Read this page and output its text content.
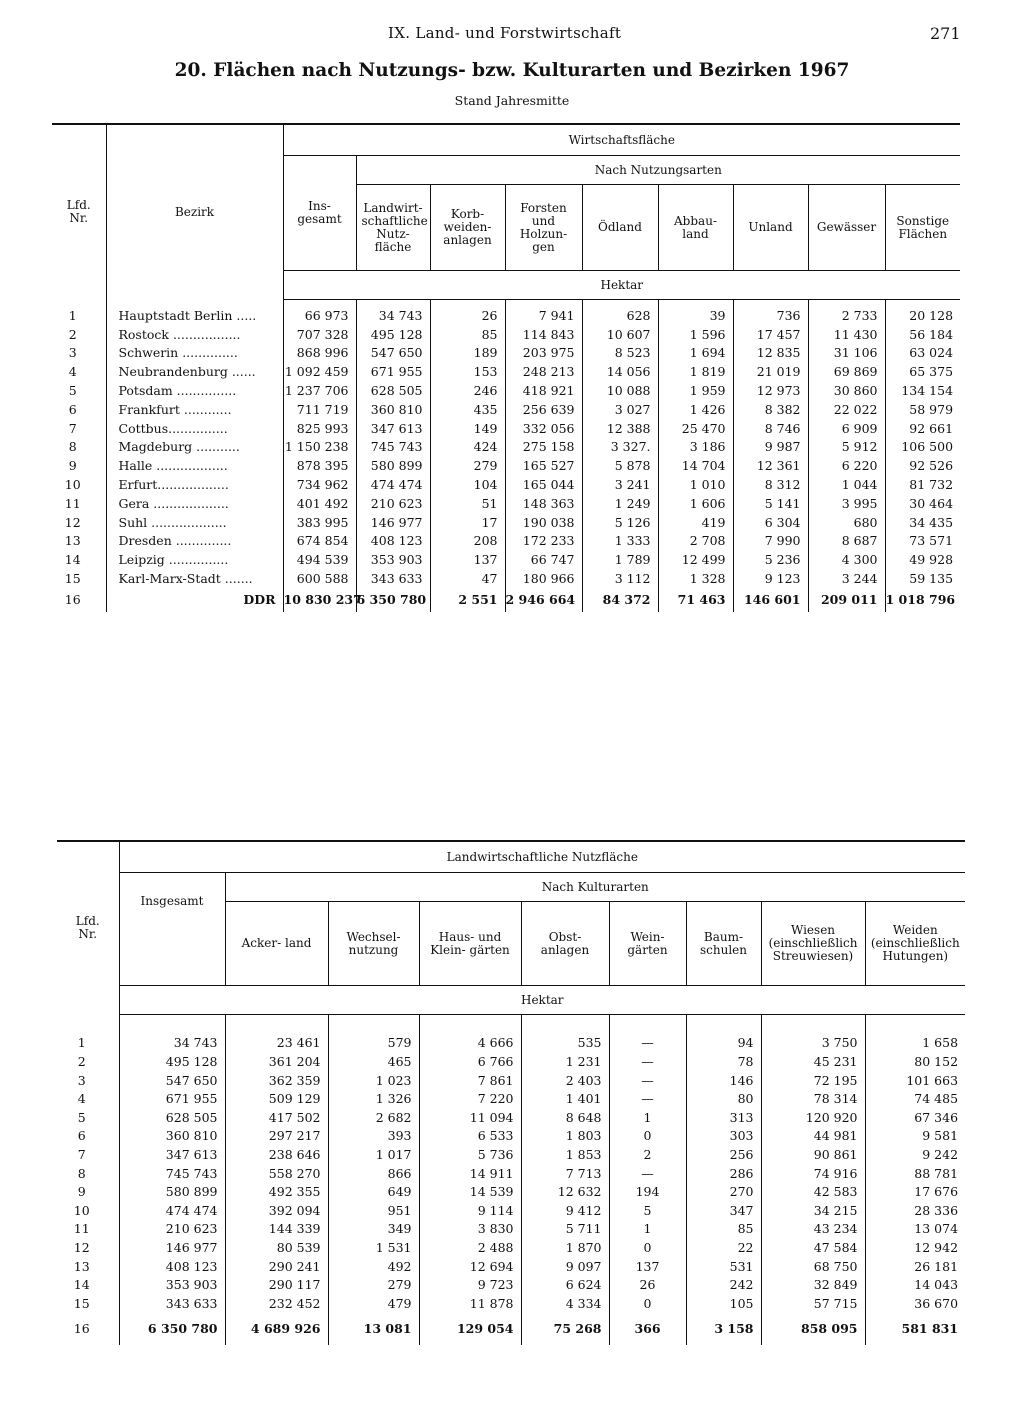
IX. Land- und Forstwirtschaft	271
20. Flächen nach Nutzungs- bzw. Kulturarten und Bezirken 1967
Stand Jahresmitte
Lfd. Nr.	Bezirk	Wirtschaftsfläche								
		Ins- gesamt	Nach Nutzungsarten							
			Landwirt- schaftliche Nutz- fläche	Korb- weiden- anlagen	Forsten und Holzun- gen	Ödland	Abbau- land	Unland	Gewässer	Sonstige Flächen
		Hektar								

1	Hauptstadt Berlin .....	66 973	34 743	26	7 941	628	39	736	2 733	20 128
2	Rostock .................	707 328	495 128	85	114 843	10 607	1 596	17 457	11 430	56 184
3	Schwerin ..............	868 996	547 650	189	203 975	8 523	1 694	12 835	31 106	63 024
4	Neubrandenburg ......	1 092 459	671 955	153	248 213	14 056	1 819	21 019	69 869	65 375
5	Potsdam ...............	1 237 706	628 505	246	418 921	10 088	1 959	12 973	30 860	134 154
6	Frankfurt ............	711 719	360 810	435	256 639	3 027	1 426	8 382	22 022	58 979
7	Cottbus...............	825 993	347 613	149	332 056	12 388	25 470	8 746	6 909	92 661
8	Magdeburg ...........	1 150 238	745 743	424	275 158	3 327.	3 186	9 987	5 912	106 500
9	Halle ..................	878 395	580 899	279	165 527	5 878	14 704	12 361	6 220	92 526
10	Erfurt..................	734 962	474 474	104	165 044	3 241	1 010	8 312	1 044	81 732
11	Gera ...................	401 492	210 623	51	148 363	1 249	1 606	5 141	3 995	30 464
12	Suhl ...................	383 995	146 977	17	190 038	5 126	419	6 304	680	34 435
13	Dresden ..............	674 854	408 123	208	172 233	1 333	2 708	7 990	8 687	73 571
14	Leipzig ...............	494 539	353 903	137	66 747	1 789	12 499	5 236	4 300	49 928
15	Karl-Marx-Stadt .......	600 588	343 633	47	180 966	3 112	1 328	9 123	3 244	59 135
16	DDR	10 830 237	6 350 780	2 551	2 946 664	84 372	71 463	146 601	209 011	1 018 796
Lfd. Nr.	Landwirtschaftliche Nutzfläche								
	Insgesamt	Nach Kulturarten							
		Acker- land	Wechsel- nutzung	Haus- und Klein- gärten	Obst- anlagen	Wein- gärten	Baum- schulen	Wiesen (einschließlich Streuwiesen)	Weiden (einschließlich Hutungen)
	Hektar								

1	34 743	23 461	579	4 666	535	—	94	3 750	1 658
2	495 128	361 204	465	6 766	1 231	—	78	45 231	80 152
3	547 650	362 359	1 023	7 861	2 403	—	146	72 195	101 663
4	671 955	509 129	1 326	7 220	1 401	—	80	78 314	74 485
5	628 505	417 502	2 682	11 094	8 648	1	313	120 920	67 346
6	360 810	297 217	393	6 533	1 803	0	303	44 981	9 581
7	347 613	238 646	1 017	5 736	1 853	2	256	90 861	9 242
8	745 743	558 270	866	14 911	7 713	—	286	74 916	88 781
9	580 899	492 355	649	14 539	12 632	194	270	42 583	17 676
10	474 474	392 094	951	9 114	9 412	5	347	34 215	28 336
11	210 623	144 339	349	3 830	5 711	1	85	43 234	13 074
12	146 977	80 539	1 531	2 488	1 870	0	22	47 584	12 942
13	408 123	290 241	492	12 694	9 097	137	531	68 750	26 181
14	353 903	290 117	279	9 723	6 624	26	242	32 849	14 043
15	343 633	232 452	479	11 878	4 334	0	105	57 715	36 670
16	6 350 780	4 689 926	13 081	129 054	75 268	366	3 158	858 095	581 831
